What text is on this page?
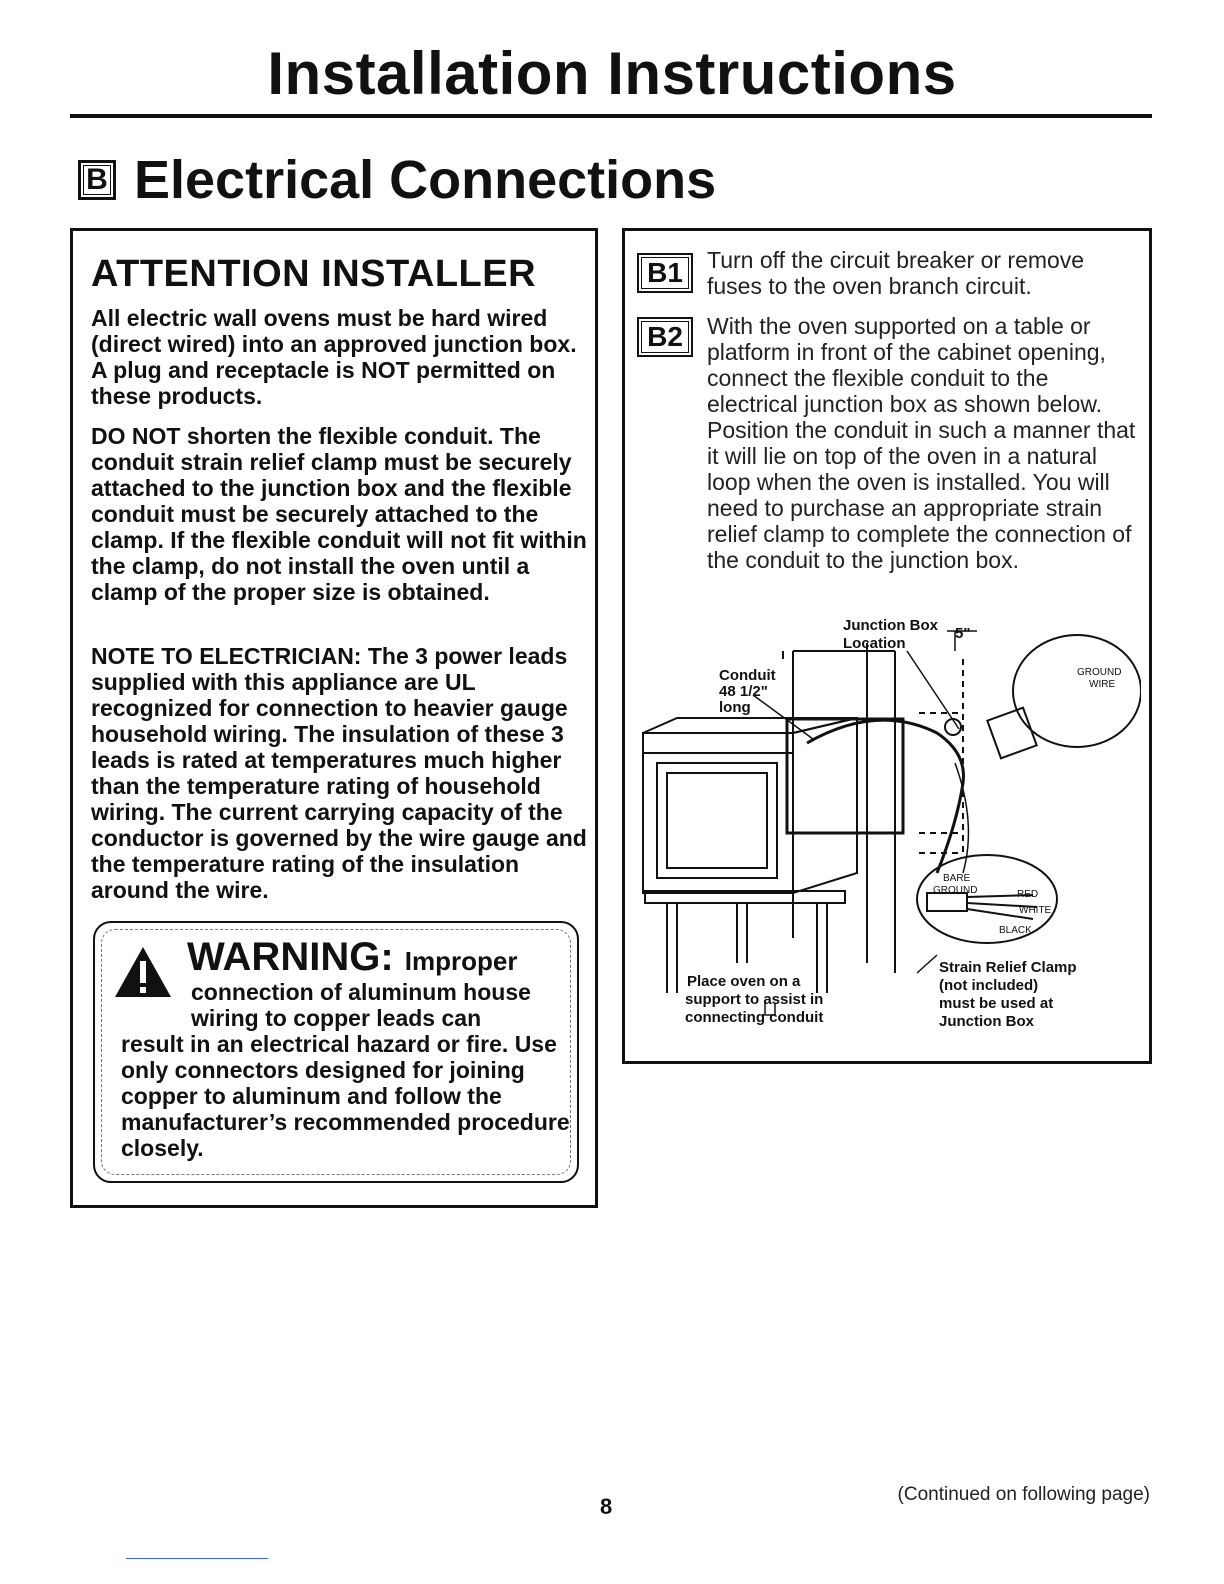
Installation Instructions
B Electrical Connections
ATTENTION INSTALLER

All electric wall ovens must be hard wired (direct wired) into an approved junction box. A plug and receptacle is NOT permitted on these products.

DO NOT shorten the flexible conduit. The conduit strain relief clamp must be securely attached to the junction box and the flexible conduit must be securely attached to the clamp. If the flexible conduit will not fit within the clamp, do not install the oven until a clamp of the proper size is obtained.

NOTE TO ELECTRICIAN: The 3 power leads supplied with this appliance are UL recognized for connection to heavier gauge household wiring. The insulation of these 3 leads is rated at temperatures much higher than the temperature rating of household wiring. The current carrying capacity of the conductor is governed by the wire gauge and the temperature rating of the insulation around the wire.

WARNING: Improper

connection of aluminum house
wiring to copper leads can
result in an electrical hazard or fire. Use only connectors designed for joining copper to aluminum and follow the manufacturer’s recommended procedure closely.

B1	Turn off the circuit breaker or remove fuses to the oven branch circuit.

B2	With the oven supported on a table or platform in front of the cabinet opening, connect the flexible conduit to the electrical junction box as shown below. Position the conduit in such a manner that it will lie on top of the oven in a natural loop when the oven is installed. You will need to purchase an appropriate strain relief clamp to complete the connection of the conduit to the junction box.

Junction Box
Location
5"
Conduit
48 1/2"
long
GROUND
WIRE
BARE
GROUND	RED
WHITE
BLACK
Strain Relief Clamp
(not included)
must be used at
Junction Box
Place oven on a
support to assist in
connecting conduit
8	(Continued on following page)
